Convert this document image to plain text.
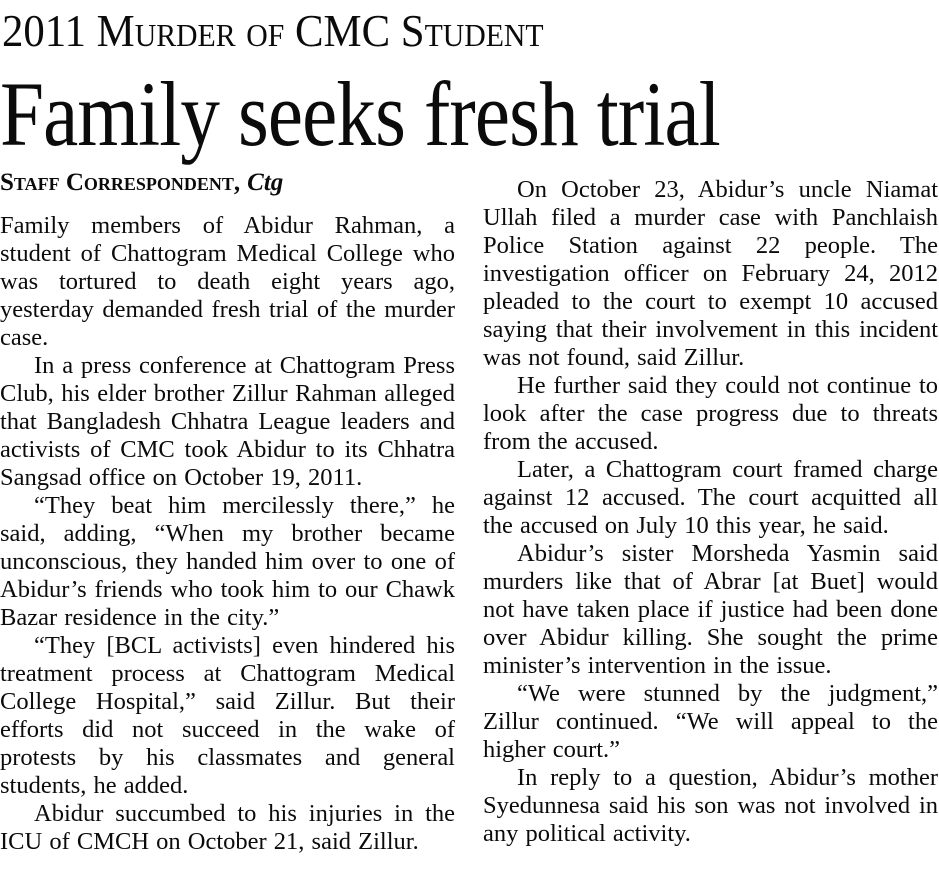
2011 Murder of CMC Student
Family seeks fresh trial
Staff Correspondent, Ctg

Family members of Abidur Rahman, a student of Chattogram Medical College who was tortured to death eight years ago, yesterday demanded fresh trial of the murder case.

In a press conference at Chattogram Press Club, his elder brother Zillur Rahman alleged that Bangladesh Chhatra League leaders and activists of CMC took Abidur to its Chhatra Sangsad office on October 19, 2011.

“They beat him mercilessly there,” he said, adding, “When my brother became unconscious, they handed him over to one of Abidur’s friends who took him to our Chawk Bazar residence in the city.”

“They [BCL activists] even hindered his treatment process at Chattogram Medical College Hospital,” said Zillur. But their efforts did not succeed in the wake of protests by his classmates and general students, he added.

Abidur succumbed to his injuries in the ICU of CMCH on October 21, said Zillur.

On October 23, Abidur’s uncle Niamat Ullah filed a murder case with Panchlaish Police Station against 22 people. The investigation officer on February 24, 2012 pleaded to the court to exempt 10 accused saying that their involvement in this incident was not found, said Zillur.

He further said they could not continue to look after the case progress due to threats from the accused.

Later, a Chattogram court framed charge against 12 accused. The court acquitted all the accused on July 10 this year, he said.

Abidur’s sister Morsheda Yasmin said murders like that of Abrar [at Buet] would not have taken place if justice had been done over Abidur killing. She sought the prime minister’s intervention in the issue.

“We were stunned by the judgment,” Zillur continued. “We will appeal to the higher court.”

In reply to a question, Abidur’s mother Syedunnesa said his son was not involved in any political activity.
